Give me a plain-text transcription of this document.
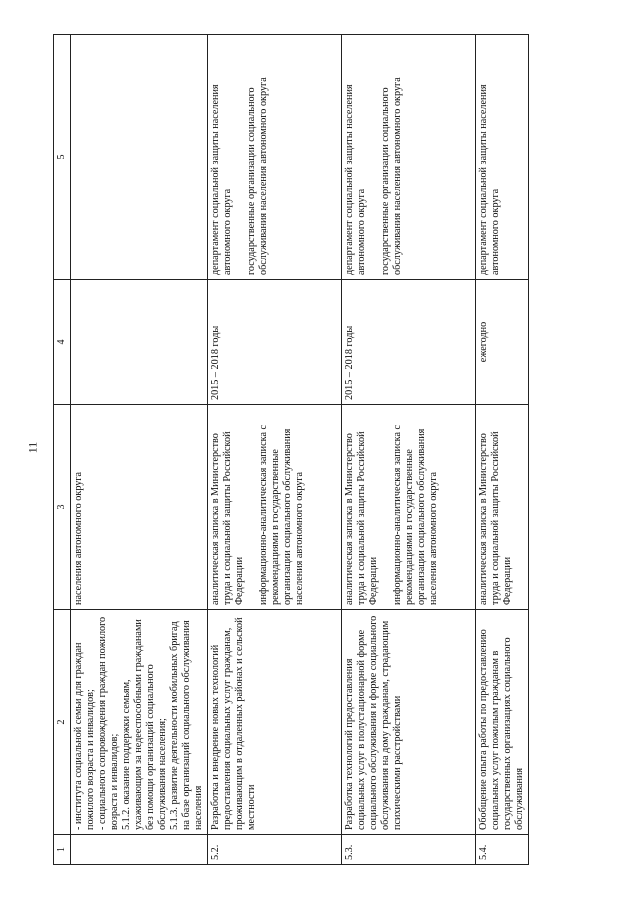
11
1	2	3	4	5
	- института социальной семьи для граждан пожилого возраста и инвалидов;
- социального сопровождения граждан пожилого возраста и инвалидов;
5.1.2. оказание поддержки семьям, ухаживающим за недееспособными гражданами без помощи организаций социального обслуживания населения;
5.1.3. развитие деятельности мобильных бригад на базе организаций социального обслуживания населения	населения автономного округа		
5.2.	Разработка и внедрение новых технологий предоставления социальных услуг гражданам, проживающим в отдаленных районах и сельской местности	аналитическая записка в Министерство труда и социальной защиты Российской Федерации информационно-аналитическая записка с рекомендациями в государственные организации социального обслуживания населения автономного округа	2015 – 2018 годы	департамент социальной защиты населения автономного округа государственные организации социального обслуживания населения автономного округа
5.3.	Разработка технологий предоставления социальных услуг в полустационарной форме социального обслуживания и форме социального обслуживания на дому гражданам, страдающим психическими расстройствами	аналитическая записка в Министерство труда и социальной защиты Российской Федерации информационно-аналитическая записка с рекомендациями в государственные организации социального обслуживания населения автономного округа	2015 – 2018 годы	департамент социальной защиты населения автономного округа государственные организации социального обслуживания населения автономного округа
5.4.	Обобщение опыта работы по предоставлению социальных услуг пожилым гражданам в государственных организациях социального обслуживания	аналитическая записка в Министерство труда и социальной защиты Российской Федерации	ежегодно	департамент социальной защиты населения автономного округа
